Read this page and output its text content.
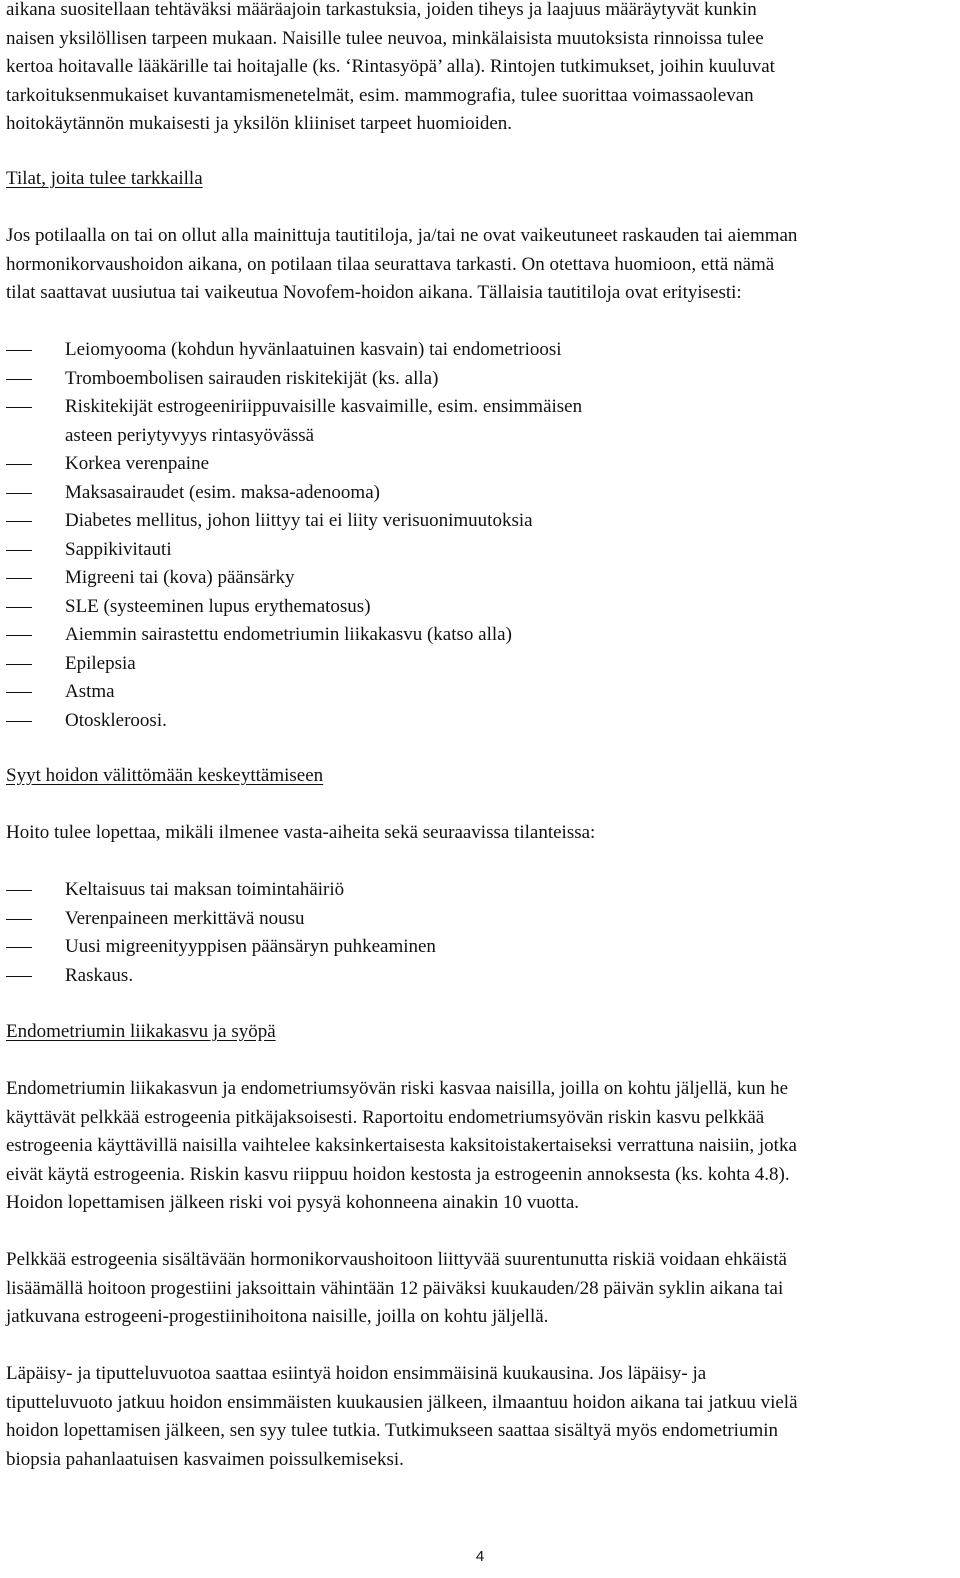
aikana suositellaan tehtäväksi määräajoin tarkastuksia, joiden tiheys ja laajuus määräytyvät kunkin

naisen yksilöllisen tarpeen mukaan. Naisille tulee neuvoa, minkälaisista muutoksista rinnoissa tulee

kertoa hoitavalle lääkärille tai hoitajalle (ks. ‘Rintasyöpä’ alla). Rintojen tutkimukset, joihin kuuluvat

tarkoituksenmukaiset kuvantamismenetelmät, esim. mammografia, tulee suorittaa voimassaolevan

hoitokäytännön mukaisesti ja yksilön kliiniset tarpeet huomioiden.

Tilat, joita tulee tarkkailla

Jos potilaalla on tai on ollut alla mainittuja tautitiloja, ja/tai ne ovat vaikeutuneet raskauden tai aiemman

hormonikorvaushoidon aikana, on potilaan tilaa seurattava tarkasti. On otettava huomioon, että nämä

tilat saattavat uusiutua tai vaikeutua Novofem-hoidon aikana. Tällaisia tautitiloja ovat erityisesti:

Leiomyooma (kohdun hyvänlaatuinen kasvain) tai endometrioosi
Tromboembolisen sairauden riskitekijät (ks. alla)
Riskitekijät estrogeeniriippuvaisille kasvaimille, esim. ensimmäisen asteen periytyvyys rintasyövässä
Korkea verenpaine
Maksasairaudet (esim. maksa-adenooma)
Diabetes mellitus, johon liittyy tai ei liity verisuonimuutoksia
Sappikivitauti
Migreeni tai (kova) päänsärky
SLE (systeeminen lupus erythematosus)
Aiemmin sairastettu endometriumin liikakasvu (katso alla)
Epilepsia
Astma
Otoskleroosi.

Syyt hoidon välittömään keskeyttämiseen

Hoito tulee lopettaa, mikäli ilmenee vasta-aiheita sekä seuraavissa tilanteissa:

Keltaisuus tai maksan toimintahäiriö
Verenpaineen merkittävä nousu
Uusi migreenityyppisen päänsäryn puhkeaminen
Raskaus.

Endometriumin liikakasvu ja syöpä

Endometriumin liikakasvun ja endometriumsyövän riski kasvaa naisilla, joilla on kohtu jäljellä, kun he

käyttävät pelkkää estrogeenia pitkäjaksoisesti. Raportoitu endometriumsyövän riskin kasvu pelkkää

estrogeenia käyttävillä naisilla vaihtelee kaksinkertaisesta kaksitoistakertaiseksi verrattuna naisiin, jotka

eivät käytä estrogeenia. Riskin kasvu riippuu hoidon kestosta ja estrogeenin annoksesta (ks. kohta 4.8).

Hoidon lopettamisen jälkeen riski voi pysyä kohonneena ainakin 10 vuotta.

Pelkkää estrogeenia sisältävään hormonikorvaushoitoon liittyvää suurentunutta riskiä voidaan ehkäistä

lisäämällä hoitoon progestiini jaksoittain vähintään 12 päiväksi kuukauden/28 päivän syklin aikana tai

jatkuvana estrogeeni-progestiinihoitona naisille, joilla on kohtu jäljellä.

Läpäisy- ja tiputteluvuotoa saattaa esiintyä hoidon ensimmäisinä kuukausina. Jos läpäisy- ja

tiputteluvuoto jatkuu hoidon ensimmäisten kuukausien jälkeen, ilmaantuu hoidon aikana tai jatkuu vielä

hoidon lopettamisen jälkeen, sen syy tulee tutkia. Tutkimukseen saattaa sisältyä myös endometriumin

biopsia pahanlaatuisen kasvaimen poissulkemiseksi.

4
